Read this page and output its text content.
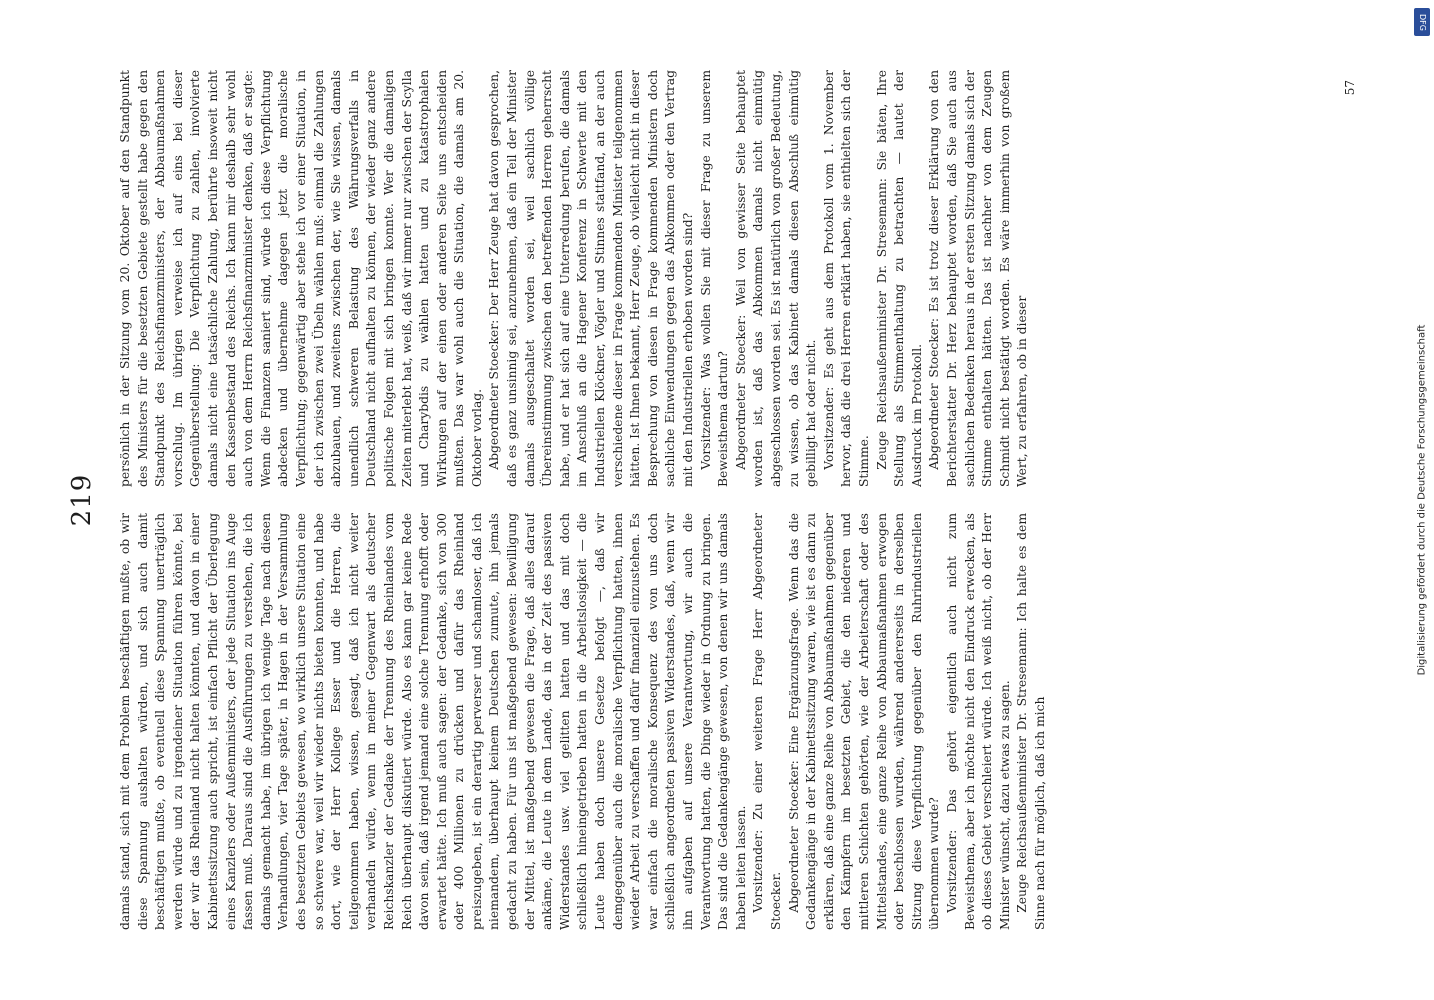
219

damals stand, sich mit dem Problem beschäftigen mußte, ob wir diese Spannung aushalten würden, und sich auch damit beschäftigen mußte, ob eventuell diese Spannung unerträglich werden würde und zu irgendeiner Situation führen könnte, bei der wir das Rheinland nicht halten könnten, und davon in einer Kabinettssitzung auch spricht, ist einfach Pflicht der Überlegung eines Kanzlers oder Außenministers, der jede Situation ins Auge fassen muß. Daraus sind die Ausführungen zu verstehen, die ich damals gemacht habe, im übrigen ich wenige Tage nach diesen Verhandlungen, vier Tage später, in Hagen in der Versammlung des besetzten Gebiets gewesen, wo wirklich unsere Situation eine so schwere war, weil wir wieder nichts bieten konnten, und habe dort, wie der Herr Kollege Esser und die Herren, die teilgenommen haben, wissen, gesagt, daß ich nicht weiter verhandeln würde, wenn in meiner Gegenwart als deutscher Reichskanzler der Gedanke der Trennung des Rheinlandes vom Reich überhaupt diskutiert würde. Also es kann gar keine Rede davon sein, daß irgend jemand eine solche Trennung erhofft oder erwartet hätte. Ich muß auch sagen: der Gedanke, sich von 300 oder 400 Millionen zu drücken und dafür das Rheinland preiszugeben, ist ein derartig perverser und schamloser, daß ich niemandem, überhaupt keinem Deutschen zumute, ihn jemals gedacht zu haben. Für uns ist maßgebend gewesen: Bewilligung der Mittel, ist maßgebend gewesen die Frage, daß alles darauf ankäme, die Leute in dem Lande, das in der Zeit des passiven Widerstandes usw. viel gelitten hatten und das mit doch schließlich hineingetrieben hatten in die Arbeitslosigkeit — die Leute haben doch unsere Gesetze befolgt —, daß wir demgegenüber auch die moralische Verpflichtung hatten, ihnen wieder Arbeit zu verschaffen und dafür finanziell einzustehen. Es war einfach die moralische Konsequenz des von uns doch schließlich angeordneten passiven Widerstandes, daß, wenn wir ihn aufgaben auf unsere Verantwortung, wir auch die Verantwortung hatten, die Dinge wieder in Ordnung zu bringen. Das sind die Gedankengänge gewesen, von denen wir uns damals haben leiten lassen. Vorsitzender: Zu einer weiteren Frage Herr Abgeordneter Stoecker. Abgeordneter Stoecker: Eine Ergänzungsfrage. Wenn das die Gedankengänge in der Kabinettssitzung waren, wie ist es dann zu erklären, daß eine ganze Reihe von Abbaumaßnahmen gegenüber den Kämpfern im besetzten Gebiet, die den niederen und mittleren Schichten gehörten, wie der Arbeiterschaft oder des Mittelstandes, eine ganze Reihe von Abbaumaßnahmen erwogen oder beschlossen wurden, während andererseits in derselben Sitzung diese Verpflichtung gegenüber den Ruhrindustriellen übernommen wurde? Vorsitzender: Das gehört eigentlich auch nicht zum Beweisthema, aber ich möchte nicht den Eindruck erwecken, als ob dieses Gebiet verschleiert würde. Ich weiß nicht, ob der Herr Minister wünscht, dazu etwas zu sagen. Zeuge Reichsaußenminister Dr. Stresemann: Ich halte es dem Sinne nach für möglich, daß ich mich

persönlich in der Sitzung vom 20. Oktober auf den Standpunkt des Ministers für die besetzten Gebiete gestellt habe gegen den Standpunkt des Reichsfinanzministers, der Abbaumaßnahmen vorschlug. Im übrigen verweise ich auf eins bei dieser Gegenüberstellung: Die Verpflichtung zu zahlen, involvierte damals nicht eine tatsächliche Zahlung, berührte insoweit nicht den Kassenbestand des Reichs. Ich kann mir deshalb sehr wohl auch von dem Herrn Reichsfinanzminister denken, daß er sagte: Wenn die Finanzen saniert sind, würde ich diese Verpflichtung abdecken und übernehme dagegen jetzt die moralische Verpflichtung; gegenwärtig aber stehe ich vor einer Situation, in der ich zwischen zwei Übeln wählen muß: einmal die Zahlungen abzubauen, und zweitens zwischen der, wie Sie wissen, damals unendlich schweren Belastung des Währungsverfalls in Deutschland nicht aufhalten zu können, der wieder ganz andere politische Folgen mit sich bringen konnte. Wer die damaligen Zeiten miterlebt hat, weiß, daß wir immer nur zwischen der Scylla und Charybdis zu wählen hatten und zu katastrophalen Wirkungen auf der einen oder anderen Seite uns entscheiden mußten. Das war wohl auch die Situation, die damals am 20. Oktober vorlag. Abgeordneter Stoecker: Der Herr Zeuge hat davon gesprochen, daß es ganz unsinnig sei, anzunehmen, daß ein Teil der Minister damals ausgeschaltet worden sei, weil sachlich völlige Übereinstimmung zwischen den betreffenden Herren geherrscht habe, und er hat sich auf eine Unterredung berufen, die damals im Anschluß an die Hagener Konferenz in Schwerte mit den Industriellen Klöckner, Vögler und Stinnes stattfand, an der auch verschiedene dieser in Frage kommenden Minister teilgenommen hätten. Ist Ihnen bekannt, Herr Zeuge, ob vielleicht nicht in dieser Besprechung von diesen in Frage kommenden Ministern doch sachliche Einwendungen gegen das Abkommen oder den Vertrag mit den Industriellen erhoben worden sind? Vorsitzender: Was wollen Sie mit dieser Frage zu unserem Beweisthema dartun? Abgeordneter Stoecker: Weil von gewisser Seite behauptet worden ist, daß das Abkommen damals nicht einmütig abgeschlossen worden sei. Es ist natürlich von großer Bedeutung, zu wissen, ob das Kabinett damals diesen Abschluß einmütig gebilligt hat oder nicht. Vorsitzender: Es geht aus dem Protokoll vom 1. November hervor, daß die drei Herren erklärt haben, sie enthielten sich der Stimme. Zeuge Reichsaußenminister Dr. Stresemann: Sie bäten, Ihre Stellung als Stimmenthaltung zu betrachten — lautet der Ausdruck im Protokoll. Abgeordneter Stoecker: Es ist trotz dieser Erklärung von den Berichterstatter Dr. Herz behauptet worden, daß Sie auch aus sachlichen Bedenken heraus in der ersten Sitzung damals sich der Stimme enthalten hätten. Das ist nachher von dem Zeugen Schmidt nicht bestätigt worden. Es wäre immerhin von großem Wert, zu erfahren, ob in dieser

57
DFG
Digitalisierung gefördert durch die Deutsche Forschungsgemeinschaft
